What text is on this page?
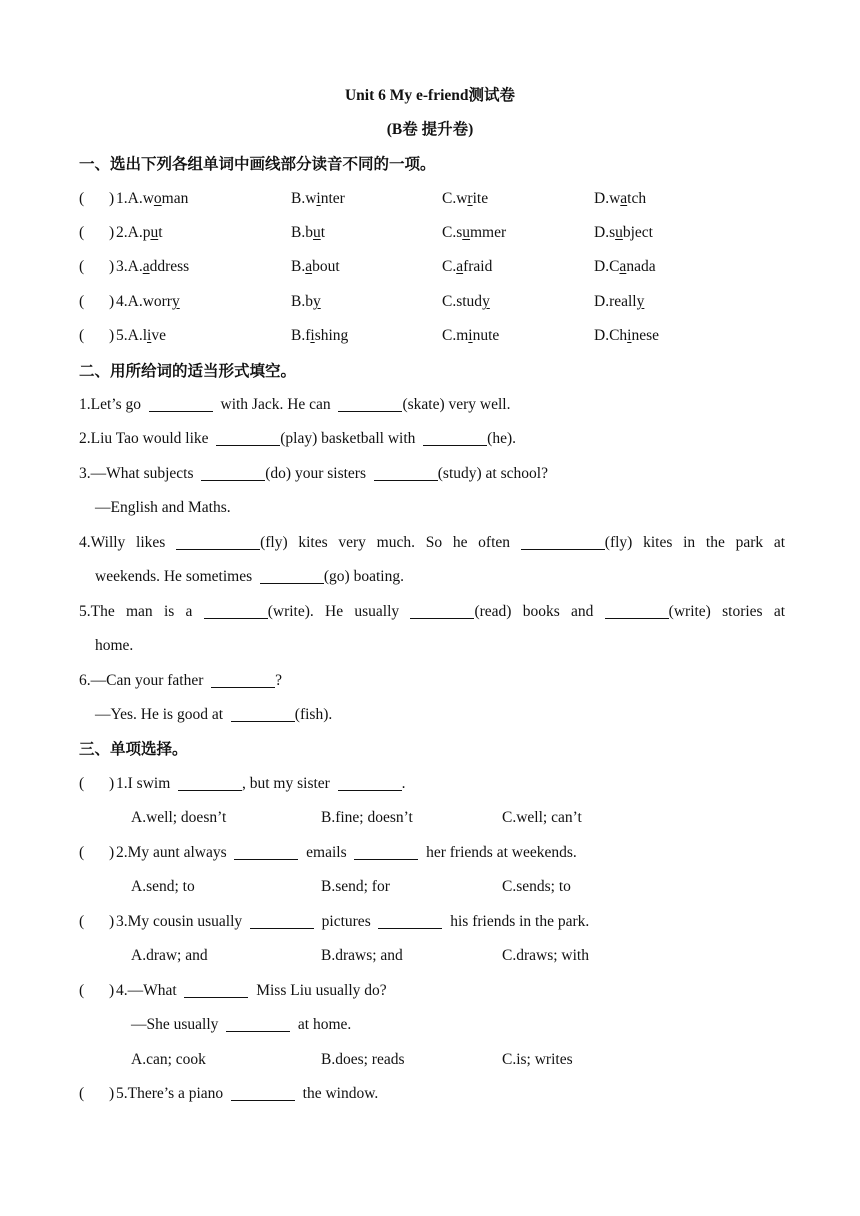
Unit 6 My e-friend测试卷
(B卷 提升卷)
一、选出下列各组单词中画线部分读音不同的一项。
( ) 1.A.woman	B.winter	C.write	D.watch
( ) 2.A.put	B.but	C.summer	D.subject
( ) 3.A.address	B.about	C.afraid	D.Canada
( ) 4.A.worry	B.by	C.study	D.really
( ) 5.A.live	B.fishing	C.minute	D.Chinese
二、用所给词的适当形式填空。
1.Let’s go	with Jack. He can	(skate) very well.
2.Liu Tao would like	(play) basketball with	(he).
3.—What subjects	(do) your sisters	(study) at school?
—English and Maths.
4.Willy likes	(fly) kites very much. So he often	(fly) kites in the park at
weekends. He sometimes	(go) boating.
5.The man is a	(write). He usually	(read) books and	(write) stories at
home.
6.—Can your father	?
—Yes. He is good at	(fish).
三、单项选择。
( ) 1.I swim	, but my sister	.
A.well; doesn’t	B.fine; doesn’t	C.well; can’t
( ) 2.My aunt always	emails	her friends at weekends.
A.send; to	B.send; for	C.sends; to
( ) 3.My cousin usually	pictures	his friends in the park.
A.draw; and	B.draws; and	C.draws; with
( ) 4.—What	Miss Liu usually do?
—She usually	at home.
A.can; cook	B.does; reads	C.is; writes
( ) 5.There’s a piano	the window.
